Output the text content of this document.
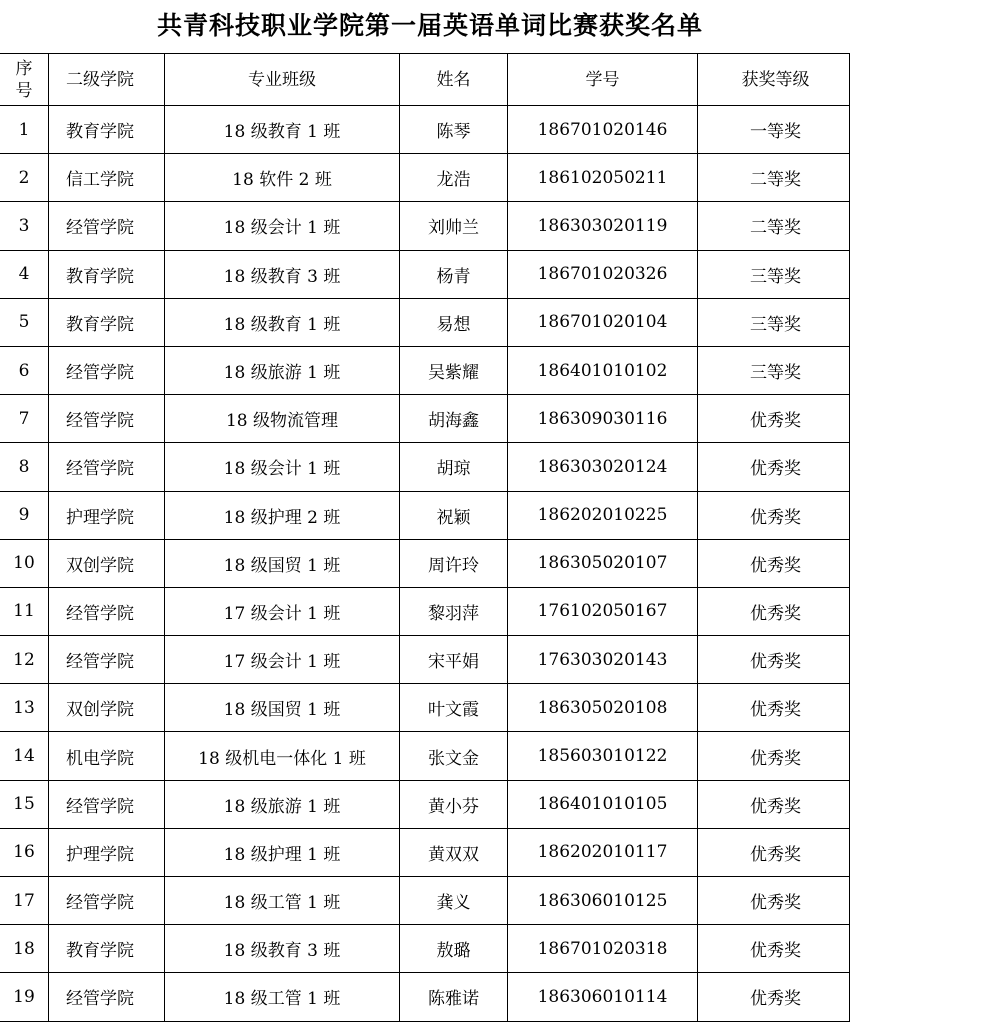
共青科技职业学院第一届英语单词比赛获奖名单
序
号	二级学院	专业班级	姓名	学号	获奖等级
1	教育学院	18 级教育 1 班	陈琴	186701020146	一等奖
2	信工学院	18 软件 2 班	龙浩	186102050211	二等奖
3	经管学院	18 级会计 1 班	刘帅兰	186303020119	二等奖
4	教育学院	18 级教育 3 班	杨青	186701020326	三等奖
5	教育学院	18 级教育 1 班	易想	186701020104	三等奖
6	经管学院	18 级旅游 1 班	吴紫耀	186401010102	三等奖
7	经管学院	18 级物流管理	胡海鑫	186309030116	优秀奖
8	经管学院	18 级会计 1 班	胡琼	186303020124	优秀奖
9	护理学院	18 级护理 2 班	祝颖	186202010225	优秀奖
10	双创学院	18 级国贸 1 班	周许玲	186305020107	优秀奖
11	经管学院	17 级会计 1 班	黎羽萍	176102050167	优秀奖
12	经管学院	17 级会计 1 班	宋平娟	176303020143	优秀奖
13	双创学院	18 级国贸 1 班	叶文霞	186305020108	优秀奖
14	机电学院	18 级机电一体化 1 班	张文金	185603010122	优秀奖
15	经管学院	18 级旅游 1 班	黄小芬	186401010105	优秀奖
16	护理学院	18 级护理 1 班	黄双双	186202010117	优秀奖
17	经管学院	18 级工管 1 班	龚义	186306010125	优秀奖
18	教育学院	18 级教育 3 班	敖璐	186701020318	优秀奖
19	经管学院	18 级工管 1 班	陈雅诺	186306010114	优秀奖
